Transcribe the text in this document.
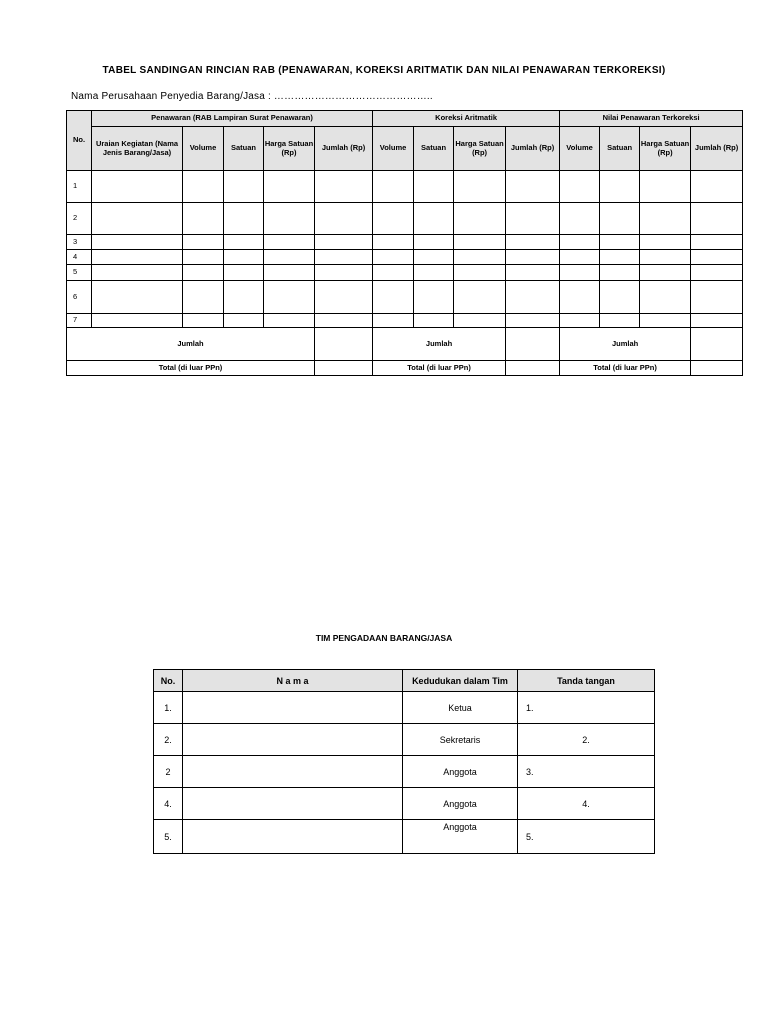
TABEL SANDINGAN RINCIAN RAB (PENAWARAN, KOREKSI ARITMATIK DAN NILAI PENAWARAN TERKOREKSI)
Nama Perusahaan Penyedia Barang/Jasa : ………………………………………..
No.	Penawaran (RAB Lampiran Surat Penawaran)					Koreksi Aritmatik				Nilai Penawaran Terkoreksi			
	Uraian Kegiatan (Nama Jenis Barang/Jasa)	Volume	Satuan	Harga Satuan (Rp)	Jumlah (Rp)	Volume	Satuan	Harga Satuan (Rp)	Jumlah (Rp)	Volume	Satuan	Harga Satuan (Rp)	Jumlah (Rp)
1													
2													
3													
4													
5													
6													
7													
Jumlah						Jumlah				Jumlah			
Total (di luar PPn)						Total (di luar PPn)				Total (di luar PPn)			
TIM PENGADAAN BARANG/JASA
No.	N a m a	Kedudukan dalam Tim	Tanda tangan
1.		Ketua	1.
2.		Sekretaris	2.
2		Anggota	3.
4.		Anggota	4.
5.		Anggota	5.
